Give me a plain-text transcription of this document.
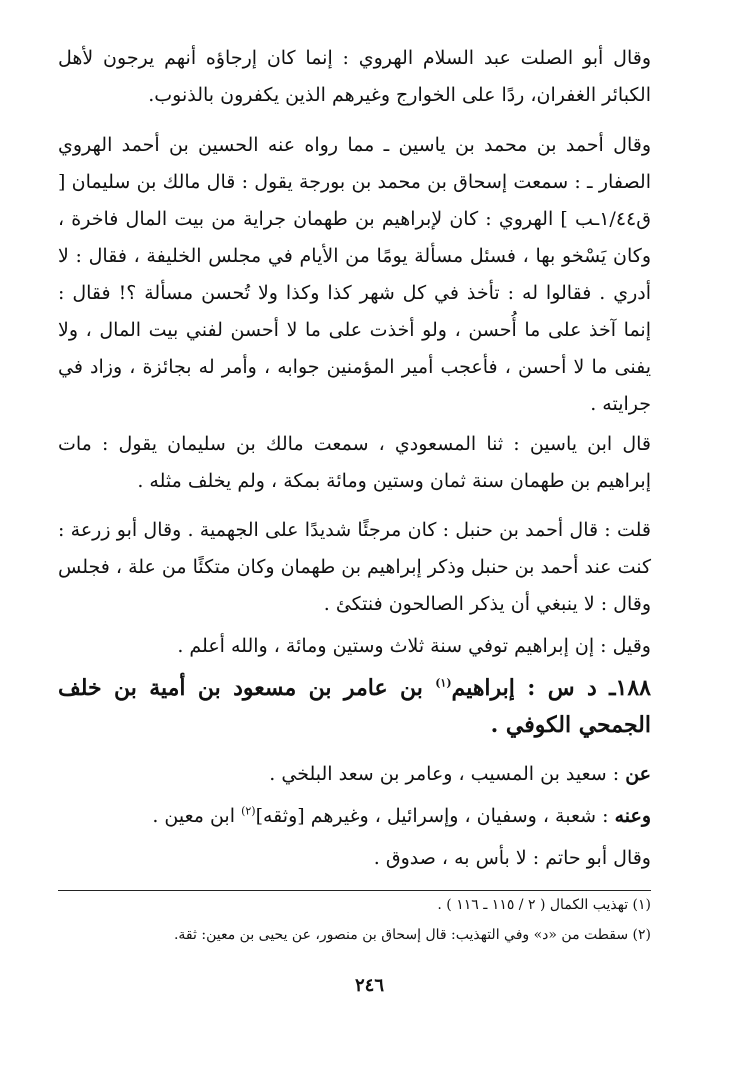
وقال أبو الصلت عبد السلام الهروي : إنما كان إرجاؤه أنهم يرجون لأهل الكبائر الغفران، ردًا على الخوارج وغيرهم الذين يكفرون بالذنوب.

وقال أحمد بن محمد بن ياسين ـ مما رواه عنه الحسين بن أحمد الهروي الصفار ـ : سمعت إسحاق بن محمد بن بورجة يقول : قال مالك بن سليمان [ ق١/٤٤ـب ] الهروي : كان لإبراهيم بن طهمان جراية من بيت المال فاخرة ، وكان يَسْخو بها ، فسئل مسألة يومًا من الأيام في مجلس الخليفة ، فقال : لا أدري . فقالوا له : تأخذ في كل شهر كذا وكذا ولا تُحسن مسألة ؟! فقال : إنما آخذ على ما أُحسن ، ولو أخذت على ما لا أحسن لفني بيت المال ، ولا يفنى ما لا أحسن ، فأعجب أمير المؤمنين جوابه ، وأمر له بجائزة ، وزاد في جرايته .

قال ابن ياسين : ثنا المسعودي ، سمعت مالك بن سليمان يقول : مات إبراهيم بن طهمان سنة ثمان وستين ومائة بمكة ، ولم يخلف مثله .

قلت : قال أحمد بن حنبل : كان مرجئًا شديدًا على الجهمية . وقال أبو زرعة : كنت عند أحمد بن حنبل وذكر إبراهيم بن طهمان وكان متكئًا من علة ، فجلس وقال : لا ينبغي أن يذكر الصالحون فنتكئ .

وقيل : إن إبراهيم توفي سنة ثلاث وستين ومائة ، والله أعلم .

١٨٨ـ د س : إبراهيم$^{(١)}$ بن عامر بن مسعود بن أمية بن خلف الجمحي الكوفي .

عن : سعيد بن المسيب ، وعامر بن سعد البلخي .

وعنه : شعبة ، وسفيان ، وإسرائيل ، وغيرهم [وثقه]$^{(٢)}$ ابن معين .

وقال أبو حاتم : لا بأس به ، صدوق .

(١) تهذيب الكمال ( ٢ / ١١٥ ـ ١١٦ ) .

(٢) سقطت من «د» وفي التهذيب: قال إسحاق بن منصور، عن يحيى بن معين: ثقة.

٢٤٦
